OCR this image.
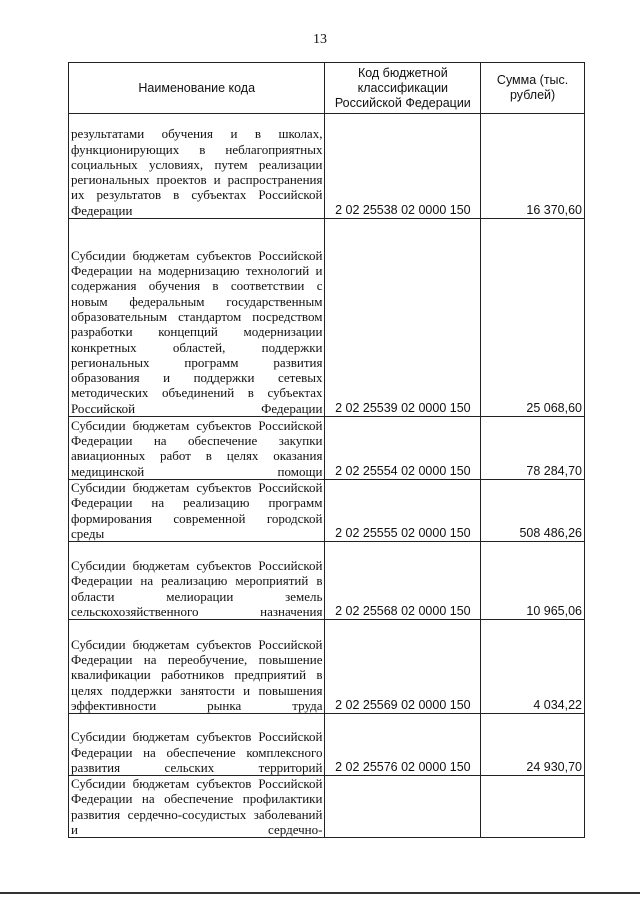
13
Наименование кода	Код бюджетной классификации Российской Федерации	Сумма (тыс. рублей)
результатами обучения и в школах, функционирующих в неблагоприятных социальных условиях, путем реализации региональных проектов и распространения их результатов в субъектах Российской Федерации	2 02 25538 02 0000 150	16 370,60
Субсидии бюджетам субъектов Российской Федерации на модернизацию технологий и содержания обучения в соответствии с новым федеральным государственным образовательным стандартом посредством разработки концепций модернизации конкретных областей, поддержки региональных программ развития образования и поддержки сетевых методических объединений в субъектах Российской Федерации	2 02 25539 02 0000 150	25 068,60
Субсидии бюджетам субъектов Российской Федерации на обеспечение закупки авиационных работ в целях оказания медицинской помощи	2 02 25554 02 0000 150	78 284,70
Субсидии бюджетам субъектов Российской Федерации на реализацию программ формирования современной городской среды	2 02 25555 02 0000 150	508 486,26
Субсидии бюджетам субъектов Российской Федерации на реализацию мероприятий в области мелиорации земель сельскохозяйственного назначения	2 02 25568 02 0000 150	10 965,06
Субсидии бюджетам субъектов Российской Федерации на переобучение, повышение квалификации работников предприятий в целях поддержки занятости и повышения эффективности рынка труда	2 02 25569 02 0000 150	4 034,22
Субсидии бюджетам субъектов Российской Федерации на обеспечение комплексного развития сельских территорий	2 02 25576 02 0000 150	24 930,70
Субсидии бюджетам субъектов Российской Федерации на обеспечение профилактики развития сердечно-сосудистых заболеваний и сердечно-		
